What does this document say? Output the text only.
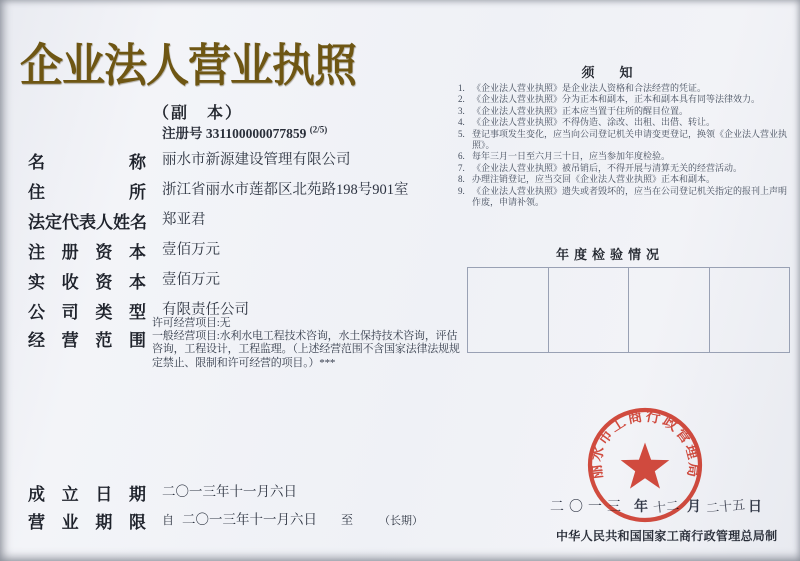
企业法人营业执照
（副　本）
注册号 331100000077859 $^{(2/5)}$
名称 丽水市新源建设管理有限公司
住所 浙江省丽水市莲都区北苑路198号901室
法定代表人姓名 郑亚君
注册资本 壹佰万元
实收资本 壹佰万元
公司类型 有限责任公司
经营范围
许可经营项目:无
一般经营项目:水利水电工程技术咨询，水土保持技术咨询，评估咨询，工程设计，工程监理。（上述经营范围不含国家法律法规规定禁止、限制和许可经营的项目。）***
须　知
1. 《企业法人营业执照》是企业法人资格和合法经营的凭证。
2. 《企业法人营业执照》分为正本和副本，正本和副本具有同等法律效力。
3. 《企业法人营业执照》正本应当置于住所的醒目位置。
4. 《企业法人营业执照》不得伪造、涂改、出租、出借、转让。
5. 登记事项发生变化，应当向公司登记机关申请变更登记，换领《企业法人营业执照》。
6. 每年三月一日至六月三十日，应当参加年度检验。
7. 《企业法人营业执照》被吊销后，不得开展与清算无关的经营活动。
8. 办理注销登记，应当交回《企业法人营业执照》正本和副本。
9. 《企业法人营业执照》遗失或者毁坏的，应当在公司登记机关指定的报刊上声明作废，申请补领。
年度检验情况
成立日期 二〇一三年十一月六日
营业期限 自 二〇一三年十一月六日 至 （长期）
二〇一三 年 十二 月 二十五 日
丽水市工商行政管理局
中华人民共和国国家工商行政管理总局制
